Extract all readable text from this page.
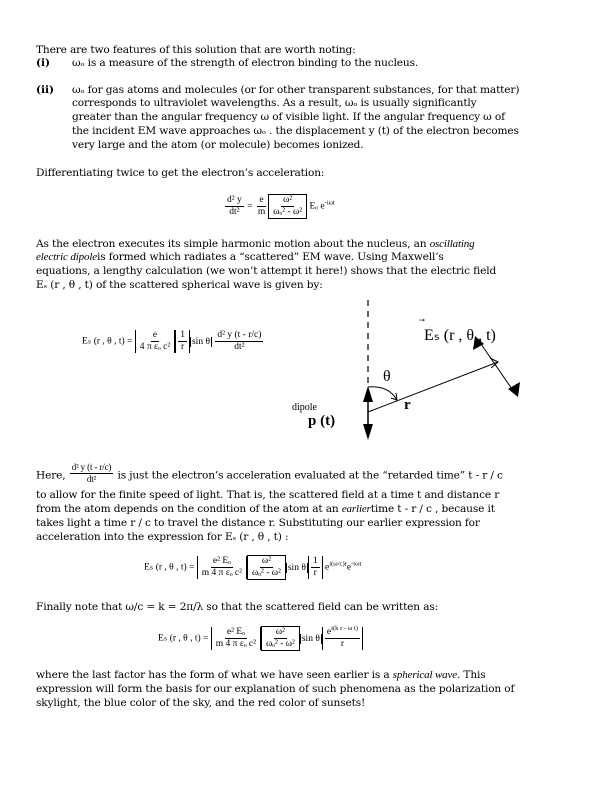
There are two features of this solution that are worth noting:
(i) ωₒ is a measure of the strength of electron binding to the nucleus.
(ii) ωₒ for gas atoms and molecules (or for other transparent substances, for that matter)
corresponds to ultraviolet wavelengths. As a result, ωₒ is usually significantly
greater than the angular frequency ω of visible light. If the angular frequency ω of
the incident EM wave approaches ωₒ . the displacement y (t) of the electron becomes
very large and the atom (or molecule) becomes ionized.
Differentiating twice to get the electron’s acceleration:
$\frac{\text{d² y}}{\text{dt²}} = \frac{e}{m} \frac{\text{ω²}}{\text{ωₒ² - ω²}}$ Eₒ $e^{-i\omega t}$
As the electron executes its simple harmonic motion about the nucleus, an oscillating
electric dipoleis formed which radiates a “scattered” EM wave. Using Maxwell’s
equations, a lengthy calculation (we won’t attempt it here!) shows that the electric field
Eₛ (r , θ , t) of the scattered spherical wave is given by:
Eₛ (r , θ , $t) = \frac{e}{\text{4 π εₒ c²}} \frac{1}{r}$ sin θ $\frac{\text{d² y (t - r/c)}}{\text{dt²}}$	Eₛ (r , θ , t)
θ
r
dipole
p (t)
Here, $\frac{\text{d² y (t - r/c)}}{\text{dt²}}$ is just the electron’s acceleration evaluated at the “retarded time” t - r / c
to allow for the finite speed of light. That is, the scattered field at a time t and distance r
from the atom depends on the condition of the atom at an earliertime t - r / c , because it
takes light a time r / c to travel the distance r. Substituting our earlier expression for
acceleration into the expression for Eₛ (r , θ , t) :
Eₛ (r , θ , $t) = \frac{\text{e² Eₒ}}{\text{m 4 π εₒ c²}} \frac{\text{ω²}}{\text{ωₒ² - ω²}}$ sin θ $\frac{1}{r} e^{i(\omega/c)r}e^{-i\omega t}$
Finally note that ω/c = k = 2π/λ so that the scattered field can be written as:
Eₛ (r , θ , $t) = \frac{\text{e² Eₒ}}{\text{m 4 π εₒ c²}} \frac{\text{ω²}}{\text{ωₒ² - ω²}}$ sin θ $\frac{e^{i(k r - \omega t)}}{r}$
where the last factor has the form of what we have seen earlier is a spherical wave. This
expression will form the basis for our explanation of such phenomena as the polarization of
skylight, the blue color of the sky, and the red color of sunsets!
